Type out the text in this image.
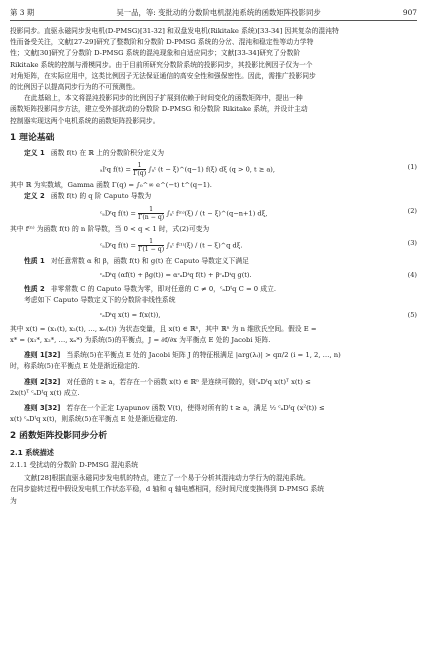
第 3 期	吴一品，等: 变批动的分数阶电机混沌系统的函数矩阵投影同步	907
投影同步。直驱永磁同步发电机(D-PMSG)[31-32] 和双盘发电机(Rikitake 系统)[33-34] 因其复杂的混沌特
性而备受关注，文献[27-29]研究了整数阶和分数阶 D-PMSG 系统的分岔、混沌和稳定性等动力学特
性；文献[30]研究了分数阶 D-PMSG 系统的混沌现象和自适应同步；文献[33-34]研究了分数阶
Rikitake 系统的控制与滑模同步。由于目前所研究分数阶系统的投影同步，其投影比例因子仅为一个
对角矩阵，在实际应用中，这类比例因子无法保证通信的高安全性和强保密性。因此，需推广投影同步
的比例因子以提高同步行为的不可预测性。
在此基础上，本文将混沌投影同步的比例因子扩展到依赖于时间变化的函数矩阵中，提出一种
函数矩阵投影同步方法，建立受外部扰动的分数阶 D-PMSG 和分数阶 Rikitake 系统，并设计主动
控制器实现这两个电机系统的函数矩阵投影同步。
1 理论基础
定义 1 函数 f(t) 在 ℝ 上的分数阶积分定义为
ₐIᵗq $f(t) = \frac{1}{\Gamma(q)}$ ∫ₐᵗ (t − ξ)^(q−1) f(ξ) dξ (q > 0, t ≥ a),	(1)
其中 ℝ 为实数域，Gamma 函数 Γ(q) = ∫₀^∞ e^(−t) t^(q−1).
定义 2 函数 f(t) 的 q 阶 Caputo 导数为
ᶜₐDᵗq $f(t) = \frac{1}{\Gamma(n - q)}$ ∫ₐᵗ f⁽ⁿ⁾(ξ) / (t − ξ)^(q−n+1) dξ,	(2)
其中 f⁽ⁿ⁾ 为函数 f(t) 的 n 阶导数，当 0 < q < 1 时，式(2)可变为
ᶜₐDᵗq $f(t) = \frac{1}{\Gamma(1 - q)}$ ∫ₐᵗ f⁽¹⁾(ξ) / (t − ξ)^q dξ.	(3)
性质 1 对任意常数 α 和 β，函数 f(t) 和 g(t) 在 Caputo 导数定义下满足
ᶜₐDᵗq (αf(t) + βg(t)) = αᶜₐDᵗq f(t) + βᶜₐDᵗq g(t).	(4)
性质 2 非零常数 C 的 Caputo 导数为零，即对任意的 C ≠ 0，ᶜₐDᵗq C = 0 成立.
考虑如下 Caputo 导数定义下的分数阶非线性系统
ᶜₐDᵗq x(t) = f(x(t)),	(5)
其中 x(t) = (x₁(t), x₂(t), …, xₙ(t)) 为状态变量，且 x(t) ∈ ℝⁿ，其中 ℝⁿ 为 n 维欧氏空间。假设 E =
x* = (x₁*, x₂*, …, xₙ*) 为系统(5)的平衡点，J = ∂f/∂x 为平衡点 E 处的 Jacobi 矩阵.
准则 1[32] 当系统(5)在平衡点 E 处的 Jacobi 矩阵 J 的特征根满足 |arg(λᵢ)| > qπ/2 (i = 1, 2, …, n)
时，称系统(5)在平衡点 E 处是渐近稳定的.
准则 2[32] 对任意的 t ≥ a，若存在一个函数 x(t) ∈ ℝⁿ 是连续可微的，则ᶜₐDᵗq x(t)ᵀ x(t) ≤
2x(t)ᵀ ᶜₐDᵗq x(t) 成立.
准则 3[32] 若存在一个正定 Lyapunov 函数 V(t)，使得对所有的 t ≥ a，满足 ½ ᶜₐDᵗq (x²(t)) ≤
x(t) ᶜₐDᵗq x(t)，则系统(5)在平衡点 E 处是渐近稳定的.
2 函数矩阵投影同步分析
2.1 系统描述
2.1.1 受扰动的分数阶 D-PMSG 混沌系统
文献[28]根据直驱永磁同步发电机的特点，建立了一个易于分析其混沌动力学行为的混沌系统。
在同步旋转过程中假设发电机工作状态平稳，d 轴和 q 轴电感相同，经时间尺度变换得到 D-PMSG 系统
为
